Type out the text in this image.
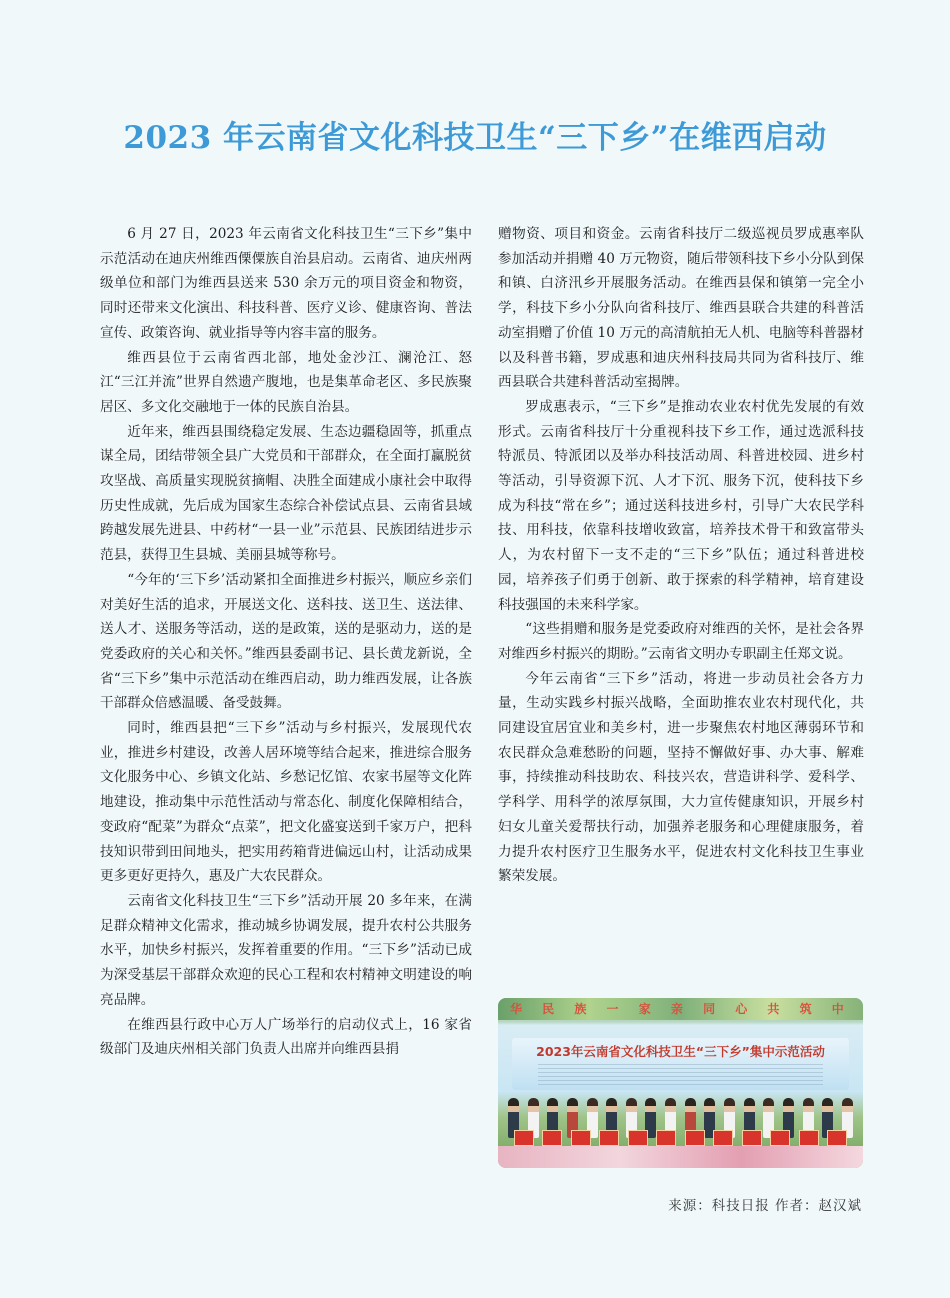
2023 年云南省文化科技卫生“三下乡”在维西启动

6 月 27 日，2023 年云南省文化科技卫生“三下乡”集中示范活动在迪庆州维西傈僳族自治县启动。云南省、迪庆州两级单位和部门为维西县送来 530 余万元的项目资金和物资，同时还带来文化演出、科技科普、医疗义诊、健康咨询、普法宣传、政策咨询、就业指导等内容丰富的服务。

维西县位于云南省西北部，地处金沙江、澜沧江、怒江“三江并流”世界自然遗产腹地，也是集革命老区、多民族聚居区、多文化交融地于一体的民族自治县。

近年来，维西县围绕稳定发展、生态边疆稳固等，抓重点谋全局，团结带领全县广大党员和干部群众，在全面打赢脱贫攻坚战、高质量实现脱贫摘帽、决胜全面建成小康社会中取得历史性成就，先后成为国家生态综合补偿试点县、云南省县域跨越发展先进县、中药材“一县一业”示范县、民族团结进步示范县，获得卫生县城、美丽县城等称号。

“今年的‘三下乡’活动紧扣全面推进乡村振兴，顺应乡亲们对美好生活的追求，开展送文化、送科技、送卫生、送法律、送人才、送服务等活动，送的是政策，送的是驱动力，送的是党委政府的关心和关怀。”维西县委副书记、县长黄龙新说，全省“三下乡”集中示范活动在维西启动，助力维西发展，让各族干部群众倍感温暖、备受鼓舞。

同时，维西县把“三下乡”活动与乡村振兴，发展现代农业，推进乡村建设，改善人居环境等结合起来，推进综合服务文化服务中心、乡镇文化站、乡愁记忆馆、农家书屋等文化阵地建设，推动集中示范性活动与常态化、制度化保障相结合，变政府“配菜”为群众“点菜”，把文化盛宴送到千家万户，把科技知识带到田间地头，把实用药箱背进偏远山村，让活动成果更多更好更持久，惠及广大农民群众。

云南省文化科技卫生“三下乡”活动开展 20 多年来，在满足群众精神文化需求，推动城乡协调发展，提升农村公共服务水平，加快乡村振兴，发挥着重要的作用。“三下乡”活动已成为深受基层干部群众欢迎的民心工程和农村精神文明建设的响亮品牌。

在维西县行政中心万人广场举行的启动仪式上，16 家省级部门及迪庆州相关部门负责人出席并向维西县捐

赠物资、项目和资金。云南省科技厅二级巡视员罗成惠率队参加活动并捐赠 40 万元物资，随后带领科技下乡小分队到保和镇、白济汛乡开展服务活动。在维西县保和镇第一完全小学，科技下乡小分队向省科技厅、维西县联合共建的科普活动室捐赠了价值 10 万元的高清航拍无人机、电脑等科普器材以及科普书籍，罗成惠和迪庆州科技局共同为省科技厅、维西县联合共建科普活动室揭牌。

罗成惠表示，“三下乡”是推动农业农村优先发展的有效形式。云南省科技厅十分重视科技下乡工作，通过选派科技特派员、特派团以及举办科技活动周、科普进校园、进乡村等活动，引导资源下沉、人才下沉、服务下沉，使科技下乡成为科技“常在乡”；通过送科技进乡村，引导广大农民学科技、用科技，依靠科技增收致富，培养技术骨干和致富带头人，为农村留下一支不走的“三下乡”队伍；通过科普进校园，培养孩子们勇于创新、敢于探索的科学精神，培育建设科技强国的未来科学家。

“这些捐赠和服务是党委政府对维西的关怀，是社会各界对维西乡村振兴的期盼。”云南省文明办专职副主任郑文说。

今年云南省“三下乡”活动，将进一步动员社会各方力量，生动实践乡村振兴战略，全面助推农业农村现代化，共同建设宜居宜业和美乡村，进一步聚焦农村地区薄弱环节和农民群众急难愁盼的问题，坚持不懈做好事、办大事、解难事，持续推动科技助农、科技兴农，营造讲科学、爱科学、学科学、用科学的浓厚氛围，大力宣传健康知识，开展乡村妇女儿童关爱帮扶行动，加强养老服务和心理健康服务，着力提升农村医疗卫生服务水平，促进农村文化科技卫生事业繁荣发展。

华 民 族 一 家 亲 同 心 共 筑 中
2023年云南省文化科技卫生“三下乡”集中示范活动
来源：科技日报 作者：赵汉斌
